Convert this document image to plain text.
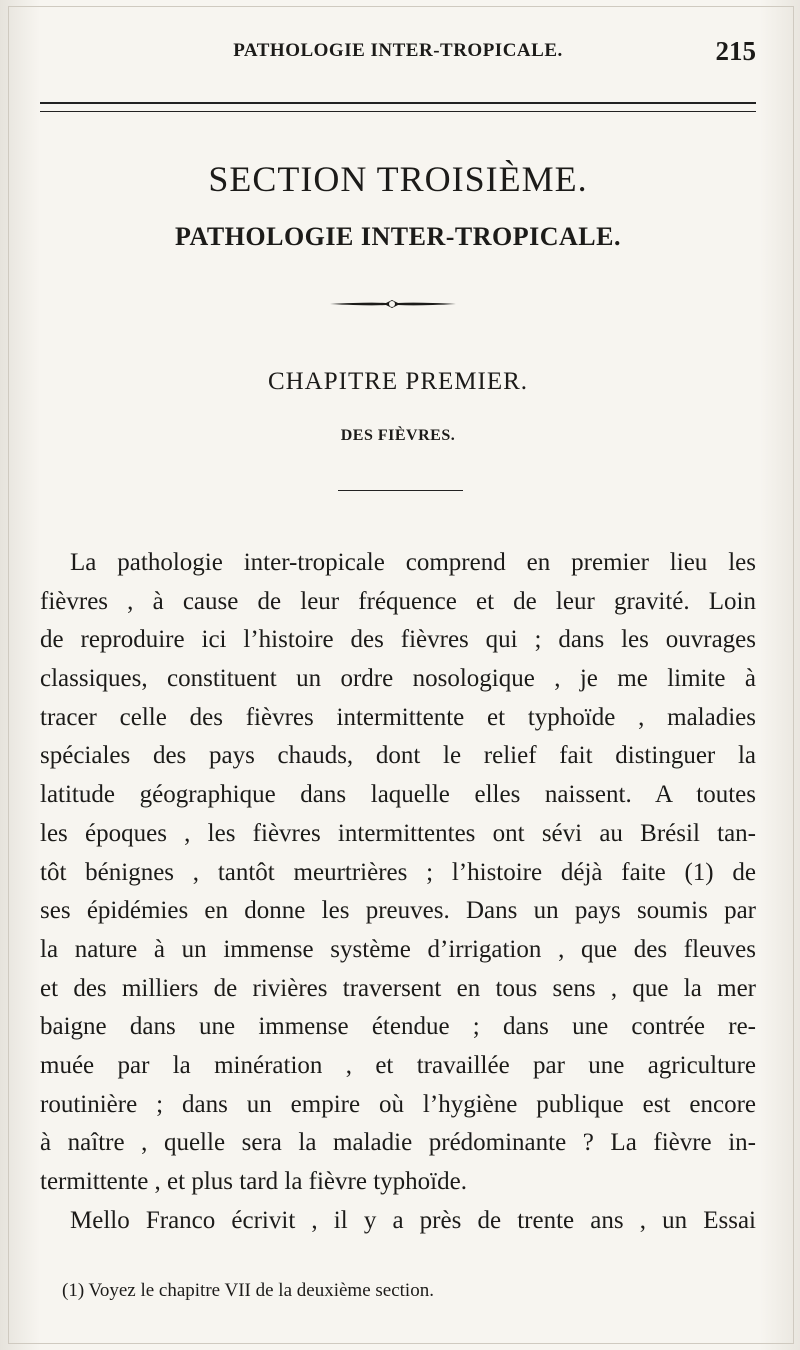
PATHOLOGIE INTER-TROPICALE.	215
SECTION TROISIÈME.
PATHOLOGIE INTER-TROPICALE.
CHAPITRE PREMIER.
DES FIÈVRES.
La pathologie inter-tropicale comprend en premier lieu les
fièvres , à cause de leur fréquence et de leur gravité. Loin
de reproduire ici l’histoire des fièvres qui ; dans les ouvrages
classiques, constituent un ordre nosologique , je me limite à
tracer celle des fièvres intermittente et typhoïde , maladies
spéciales des pays chauds, dont le relief fait distinguer la
latitude géographique dans laquelle elles naissent. A toutes
les époques , les fièvres intermittentes ont sévi au Brésil tan-
tôt bénignes , tantôt meurtrières ; l’histoire déjà faite (1) de
ses épidémies en donne les preuves. Dans un pays soumis par
la nature à un immense système d’irrigation , que des fleuves
et des milliers de rivières traversent en tous sens , que la mer
baigne dans une immense étendue ; dans une contrée re-
muée par la minération , et travaillée par une agriculture
routinière ; dans un empire où l’hygiène publique est encore
à naître , quelle sera la maladie prédominante ? La fièvre in-
termittente , et plus tard la fièvre typhoïde.
Mello Franco écrivit , il y a près de trente ans , un Essai
(1) Voyez le chapitre VII de la deuxième section.
